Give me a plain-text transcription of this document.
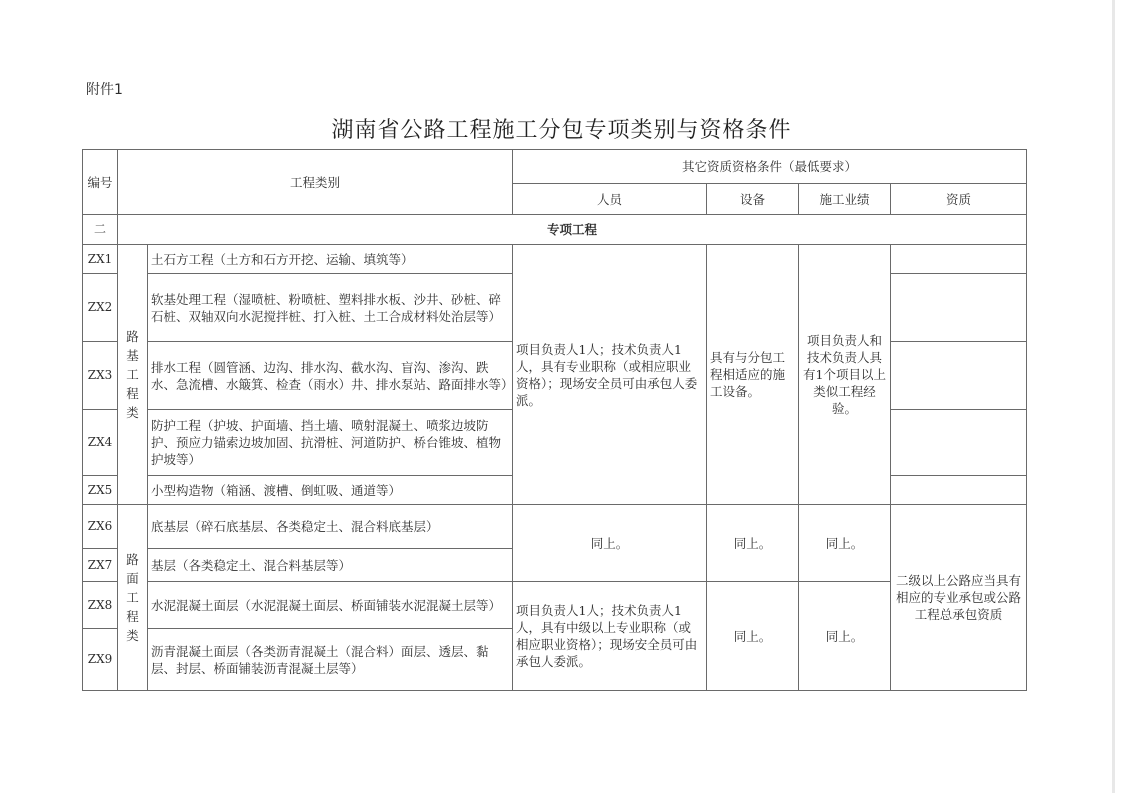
附件1
湖南省公路工程施工分包专项类别与资格条件
编号	工程类别		其它资质资格条件（最低要求）			
			人员	设备	施工业绩	资质
二	专项工程					
ZX1	路基工程类	土石方工程（土方和石方开挖、运输、填筑等）	项目负责人1人；技术负责人1人，具有专业职称（或相应职业资格）；现场安全员可由承包人委派。	具有与分包工程相适应的施工设备。	项目负责人和技术负责人具有1个项目以上类似工程经验。	
ZX2		软基处理工程（湿喷桩、粉喷桩、塑料排水板、沙井、砂桩、碎石桩、双轴双向水泥搅拌桩、打入桩、土工合成材料处治层等）				
ZX3		排水工程（圆管涵、边沟、排水沟、截水沟、盲沟、渗沟、跌水、急流槽、水簸箕、检查（雨水）井、排水泵站、路面排水等）				
ZX4		防护工程（护坡、护面墙、挡土墙、喷射混凝土、喷浆边坡防护、预应力锚索边坡加固、抗滑桩、河道防护、桥台锥坡、植物护坡等）				
ZX5		小型构造物（箱涵、渡槽、倒虹吸、通道等）				
ZX6	路面工程类	底基层（碎石底基层、各类稳定土、混合料底基层）	同上。	同上。	同上。	二级以上公路应当具有相应的专业承包或公路工程总承包资质
ZX7		基层（各类稳定土、混合料基层等）				
ZX8		水泥混凝土面层（水泥混凝土面层、桥面铺装水泥混凝土层等）	项目负责人1人；技术负责人1人，具有中级以上专业职称（或相应职业资格）；现场安全员可由承包人委派。	同上。	同上。	
ZX9		沥青混凝土面层（各类沥青混凝土（混合料）面层、透层、黏层、封层、桥面铺装沥青混凝土层等）				
